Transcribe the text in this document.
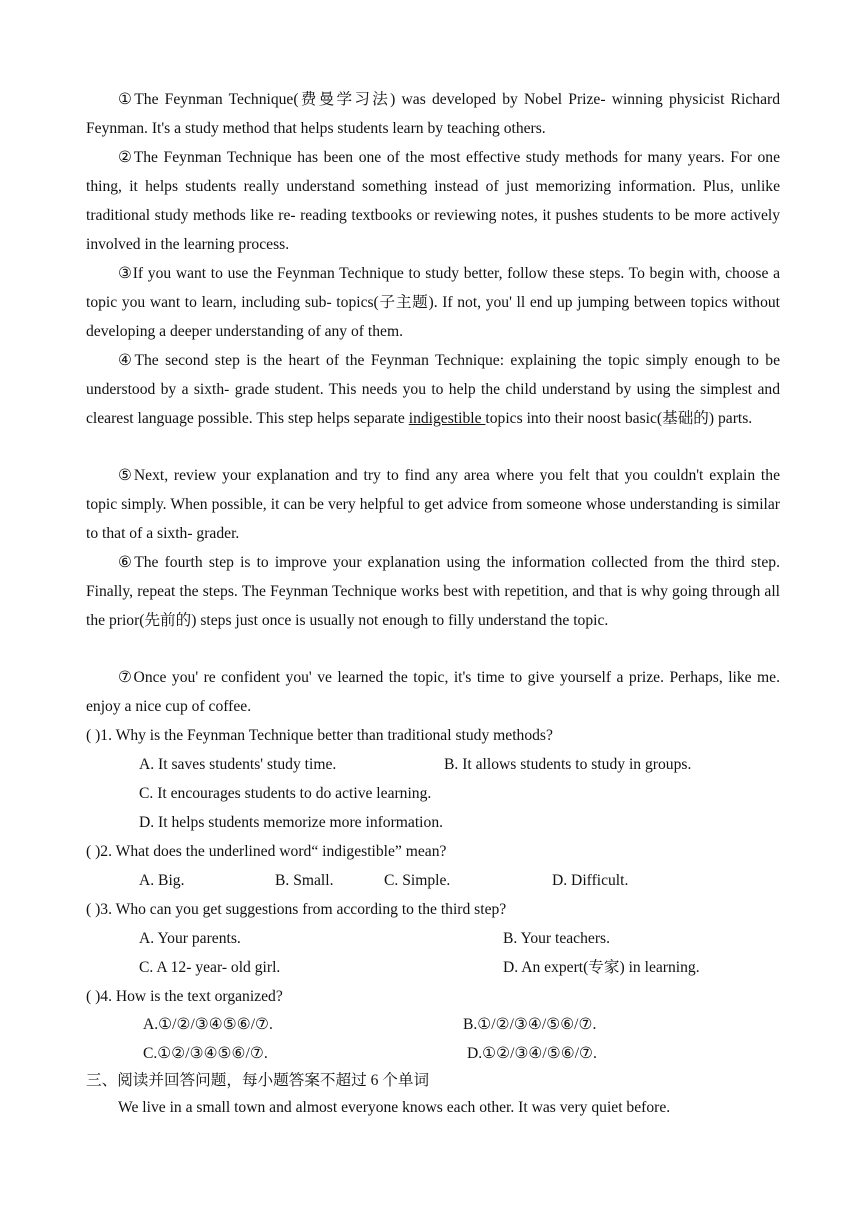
①The Feynman Technique(费曼学习法) was developed by Nobel Prize- winning physicist Richard Feynman. It's a study method that helps students learn by teaching others.

②The Feynman Technique has been one of the most effective study methods for many years. For one thing, it helps students really understand something instead of just memorizing information. Plus, unlike traditional study methods like re- reading textbooks or reviewing notes, it pushes students to be more actively involved in the learning process.

③If you want to use the Feynman Technique to study better, follow these steps. To begin with, choose a topic you want to learn, including sub- topics(子主题). If not, you' ll end up jumping between topics without developing a deeper understanding of any of them.

④The second step is the heart of the Feynman Technique: explaining the topic simply enough to be understood by a sixth- grade student. This needs you to help the child understand by using the simplest and clearest language possible. This step helps separate indigestible topics into their noost basic(基础的) parts.

⑤Next, review your explanation and try to find any area where you felt that you couldn't explain the topic simply. When possible, it can be very helpful to get advice from someone whose understanding is similar to that of a sixth- grader.

⑥The fourth step is to improve your explanation using the information collected from the third step. Finally, repeat the steps. The Feynman Technique works best with repetition, and that is why going through all the prior(先前的) steps just once is usually not enough to filly understand the topic.

⑦Once you' re confident you' ve learned the topic, it's time to give yourself a prize. Perhaps, like me. enjoy a nice cup of coffee.

( )1. Why is the Feynman Technique better than traditional study methods?

A. It saves students' study time.	B. It allows students to study in groups.

C. It encourages students to do active learning.

D. It helps students memorize more information.

( )2. What does the underlined word“ indigestible” mean?

A. Big.	B. Small.	C. Simple.	D. Difficult.

( )3. Who can you get suggestions from according to the third step?

A. Your parents.	B. Your teachers.

C. A 12- year- old girl.	D. An expert(专家) in learning.

( )4. How is the text organized?

A.①/②/③④⑤⑥/⑦.	B.①/②/③④/⑤⑥/⑦.

C.①②/③④⑤⑥/⑦.	D.①②/③④/⑤⑥/⑦.

三、阅读并回答问题，每小题答案不超过 6 个单词

We live in a small town and almost everyone knows each other. It was very quiet before.
